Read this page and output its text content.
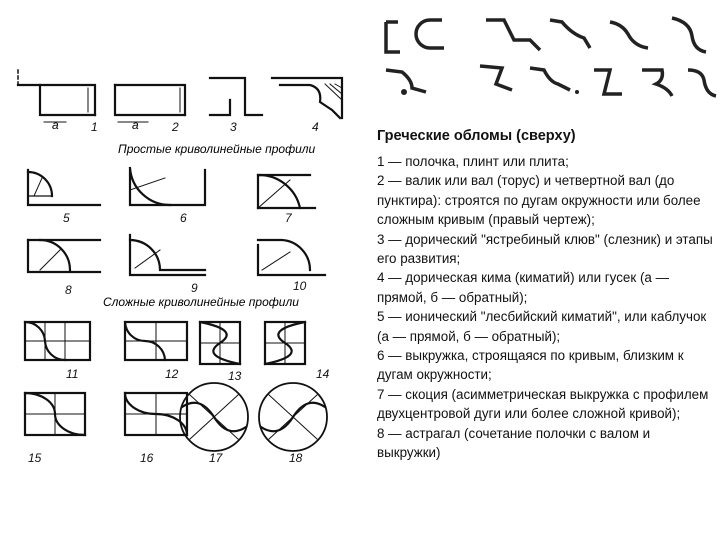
a	a
Простые криволинейные профили
Сложные криволинейные профили
1	2	3	4
5	6	7
8	9	10
11	12	13	14
15	16	17	18
Греческие обломы (сверху)
1 — полочка, плинт или плита;
2 — валик или вал (торус) и четвертной вал (до пунктира): строятся по дугам окружности или более сложным кривым (правый чертеж);
3 — дорический "ястребиный клюв" (слезник) и этапы его развития;
4 — дорическая кима (киматий) или гусек (а — прямой, б — обратный);
5 — ионический "лесбийский киматий", или каблучок (а — прямой, б — обратный);
6 — выкружка, строящаяся по кривым, близким к дугам окружности;
7 — скоция (асимметрическая выкружка с профилем двухцентровой дуги или более сложной кривой);
8 — астрагал (сочетание полочки с валом и выкружки)
